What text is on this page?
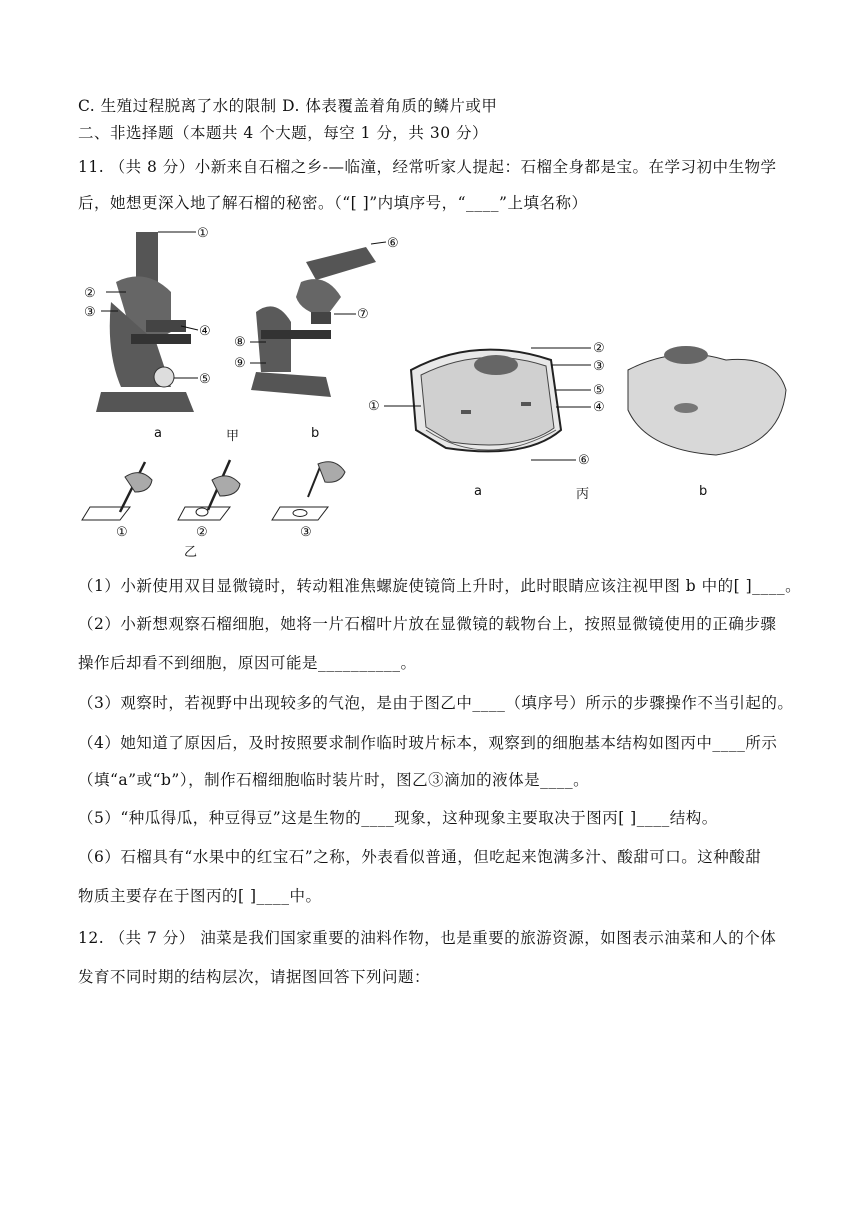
C. 生殖过程脱离了水的限制 D. 体表覆盖着角质的鳞片或甲
二、非选择题（本题共 4 个大题，每空 1 分，共 30 分）
11. （共 8 分）小新来自石榴之乡-—临潼，经常听家人提起：石榴全身都是宝。在学习初中生物学
后，她想更深入地了解石榴的秘密。（“[ ]”内填序号，“____”上填名称）
①
②
③
④
⑤
⑥
⑦
⑧
⑨
a	甲	b
①	②	③
乙
①
②
③
⑤
④
⑥
a	丙	b
（1）小新使用双目显微镜时，转动粗准焦螺旋使镜筒上升时，此时眼睛应该注视甲图 b 中的[ ]____。
（2）小新想观察石榴细胞，她将一片石榴叶片放在显微镜的载物台上，按照显微镜使用的正确步骤
操作后却看不到细胞，原因可能是__________。
（3）观察时，若视野中出现较多的气泡，是由于图乙中____（填序号）所示的步骤操作不当引起的。
（4）她知道了原因后，及时按照要求制作临时玻片标本，观察到的细胞基本结构如图丙中____所示
（填“a”或“b”），制作石榴细胞临时装片时，图乙③滴加的液体是____。
（5）“种瓜得瓜，种豆得豆”这是生物的____现象，这种现象主要取决于图丙[ ]____结构。
（6）石榴具有“水果中的红宝石”之称，外表看似普通，但吃起来饱满多汁、酸甜可口。这种酸甜
物质主要存在于图丙的[ ]____中。
12. （共 7 分） 油菜是我们国家重要的油料作物，也是重要的旅游资源，如图表示油菜和人的个体
发育不同时期的结构层次，请据图回答下列问题：
